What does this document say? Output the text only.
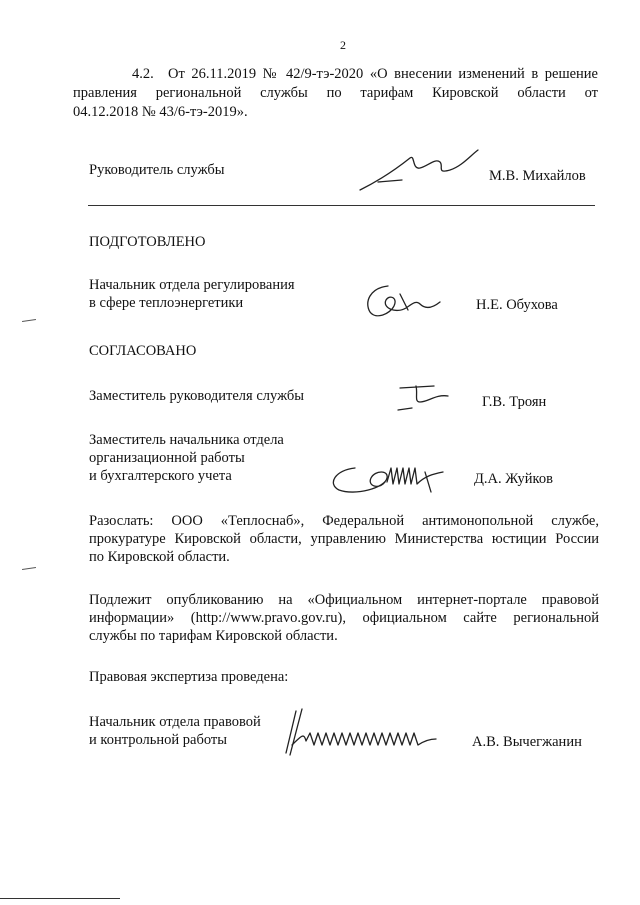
2
4.2. От 26.11.2019 № 42/9-тэ-2020 «О внесении изменений в решение
правления региональной службы по тарифам Кировской области от
04.12.2018 № 43/6-тэ-2019».
Руководитель службы	М.В. Михайлов
ПОДГОТОВЛЕНО
Начальник отдела регулирования
в сфере теплоэнергетики	Н.Е. Обухова
СОГЛАСОВАНО
Заместитель руководителя службы	Г.В. Троян
Заместитель начальника отдела
организационной работы
и бухгалтерского учета	Д.А. Жуйков
Разослать: ООО «Теплоснаб», Федеральной антимонопольной службе,
прокуратуре Кировской области, управлению Министерства юстиции России
по Кировской области.
Подлежит опубликованию на «Официальном интернет-портале правовой
информации» (http://www.pravo.gov.ru), официальном сайте региональной
службы по тарифам Кировской области.
Правовая экспертиза проведена:
Начальник отдела правовой
и контрольной работы	А.В. Вычегжанин
